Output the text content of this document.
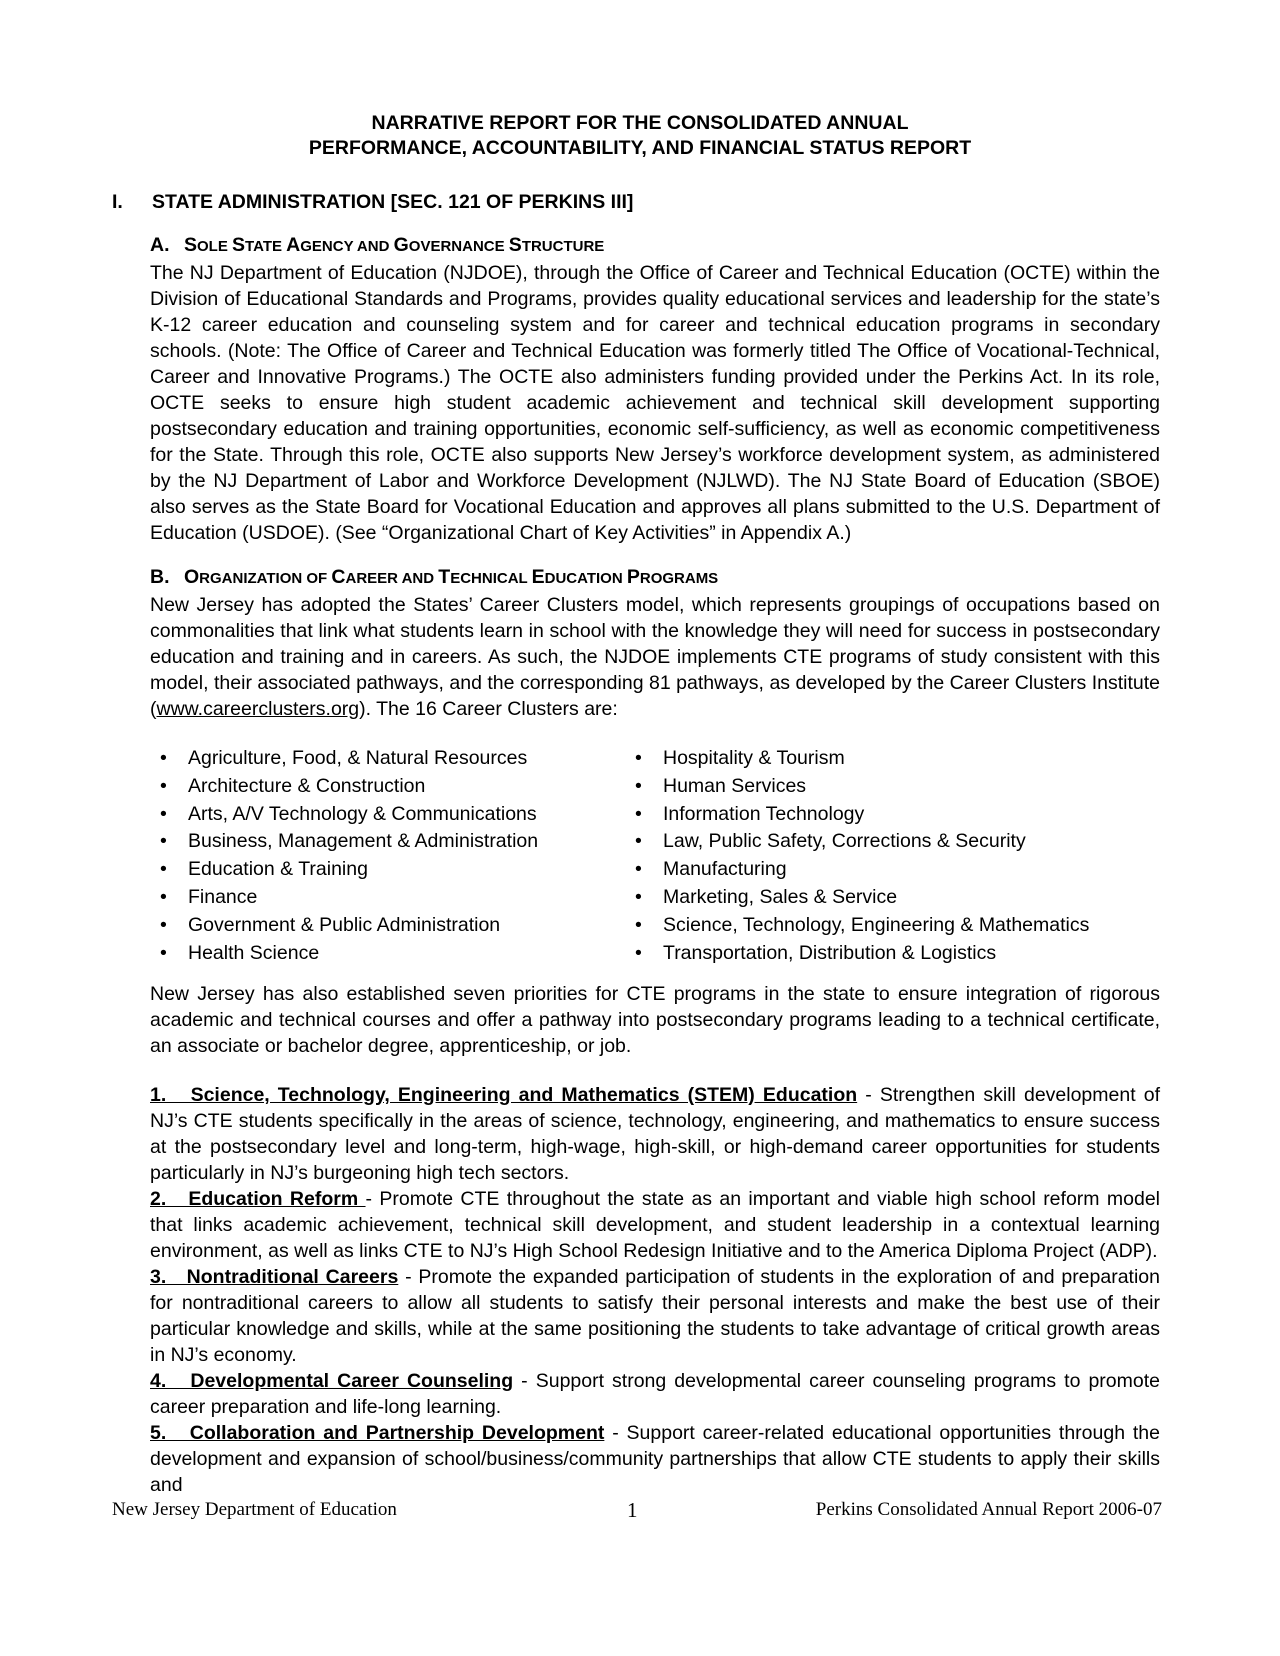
NARRATIVE REPORT FOR THE CONSOLIDATED ANNUAL
PERFORMANCE, ACCOUNTABILITY, AND FINANCIAL STATUS REPORT
I. STATE ADMINISTRATION [SEC. 121 OF PERKINS III]
A. SOLE STATE AGENCY AND GOVERNANCE STRUCTURE

The NJ Department of Education (NJDOE), through the Office of Career and Technical Education (OCTE) within the Division of Educational Standards and Programs, provides quality educational services and leadership for the state’s K-12 career education and counseling system and for career and technical education programs in secondary schools. (Note: The Office of Career and Technical Education was formerly titled The Office of Vocational-Technical, Career and Innovative Programs.) The OCTE also administers funding provided under the Perkins Act. In its role, OCTE seeks to ensure high student academic achievement and technical skill development supporting postsecondary education and training opportunities, economic self-sufficiency, as well as economic competitiveness for the State. Through this role, OCTE also supports New Jersey’s workforce development system, as administered by the NJ Department of Labor and Workforce Development (NJLWD). The NJ State Board of Education (SBOE) also serves as the State Board for Vocational Education and approves all plans submitted to the U.S. Department of Education (USDOE). (See “Organizational Chart of Key Activities” in Appendix A.)

B. ORGANIZATION OF CAREER AND TECHNICAL EDUCATION PROGRAMS

New Jersey has adopted the States’ Career Clusters model, which represents groupings of occupations based on commonalities that link what students learn in school with the knowledge they will need for success in postsecondary education and training and in careers. As such, the NJDOE implements CTE programs of study consistent with this model, their associated pathways, and the corresponding 81 pathways, as developed by the Career Clusters Institute (www.careerclusters.org). The 16 Career Clusters are:

• Agriculture, Food, & Natural Resources
• Architecture & Construction
• Arts, A/V Technology & Communications
• Business, Management & Administration
• Education & Training
• Finance
• Government & Public Administration
• Health Science
• Hospitality & Tourism
• Human Services
• Information Technology
• Law, Public Safety, Corrections & Security
• Manufacturing
• Marketing, Sales & Service
• Science, Technology, Engineering & Mathematics
• Transportation, Distribution & Logistics

New Jersey has also established seven priorities for CTE programs in the state to ensure integration of rigorous academic and technical courses and offer a pathway into postsecondary programs leading to a technical certificate, an associate or bachelor degree, apprenticeship, or job.

1.   Science, Technology, Engineering and Mathematics (STEM) Education - Strengthen skill development of NJ’s CTE students specifically in the areas of science, technology, engineering, and mathematics to ensure success at the postsecondary level and long-term, high-wage, high-skill, or high-demand career opportunities for students particularly in NJ’s burgeoning high tech sectors.

2.   Education Reform - Promote CTE throughout the state as an important and viable high school reform model that links academic achievement, technical skill development, and student leadership in a contextual learning environment, as well as links CTE to NJ’s High School Redesign Initiative and to the America Diploma Project (ADP).

3.   Nontraditional Careers - Promote the expanded participation of students in the exploration of and preparation for nontraditional careers to allow all students to satisfy their personal interests and make the best use of their particular knowledge and skills, while at the same positioning the students to take advantage of critical growth areas in NJ’s economy.

4.   Developmental Career Counseling - Support strong developmental career counseling programs to promote career preparation and life-long learning.

5.   Collaboration and Partnership Development - Support career-related educational opportunities through the development and expansion of school/business/community partnerships that allow CTE students to apply their skills and

New Jersey Department of Education	1	Perkins Consolidated Annual Report 2006-07
